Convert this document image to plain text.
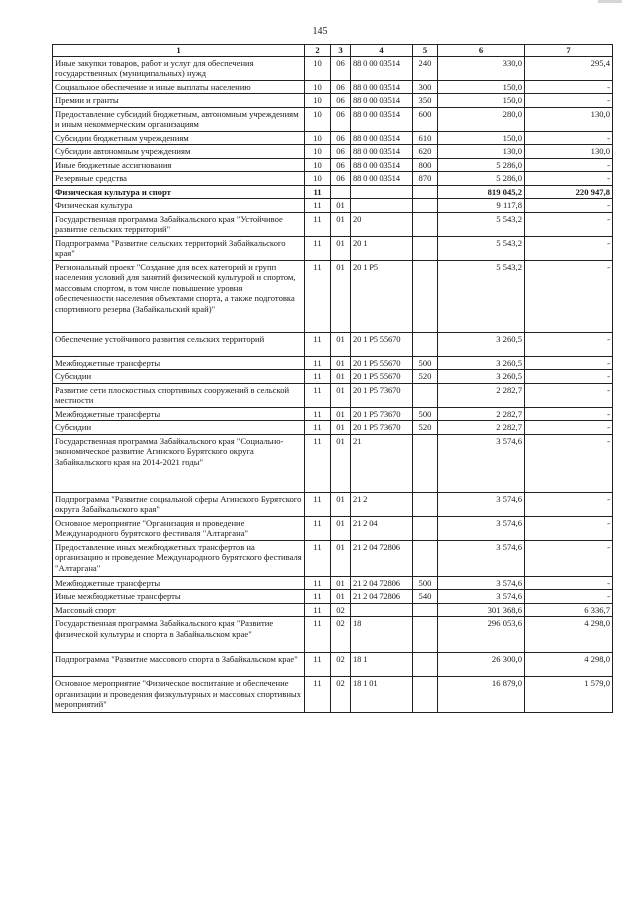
145
1	2	3	4	5	6	7
Иные закупки товаров, работ и услуг для обеспечения государственных (муниципальных) нужд	10	06	88 0 00 03514	240	330,0	295,4
Социальное обеспечение и иные выплаты населению	10	06	88 0 00 03514	300	150,0	-
Премии и гранты	10	06	88 0 00 03514	350	150,0	-
Предоставление субсидий бюджетным, автономным учреждениям и иным некоммерческим организациям	10	06	88 0 00 03514	600	280,0	130,0
Субсидии бюджетным учреждениям	10	06	88 0 00 03514	610	150,0	-
Субсидии автономным учреждениям	10	06	88 0 00 03514	620	130,0	130,0
Иные бюджетные ассигнования	10	06	88 0 00 03514	800	5 286,0	-
Резервные средства	10	06	88 0 00 03514	870	5 286,0	-
Физическая культура и спорт	11				819 045,2	220 947,8
Физическая культура	11	01			9 117,8	-
Государственная программа Забайкальского края "Устойчивое развитие сельских территорий"	11	01	20		5 543,2	-
Подпрограмма "Развитие сельских территорий Забайкальского края"	11	01	20 1		5 543,2	-
Региональный проект "Создание для всех категорий и групп населения условий для занятий физической культурой и спортом, массовым спортом, в том числе повышение уровня обеспеченности населения объектами спорта, а также подготовка спортивного резерва (Забайкальский край)"	11	01	20 1 P5		5 543,2	-
Обеспечение устойчивого развития сельских территорий	11	01	20 1 P5 55670		3 260,5	-
Межбюджетные трансферты	11	01	20 1 P5 55670	500	3 260,5	-
Субсидии	11	01	20 1 P5 55670	520	3 260,5	-
Развитие сети плоскостных спортивных сооружений в сельской местности	11	01	20 1 P5 73670		2 282,7	-
Межбюджетные трансферты	11	01	20 1 P5 73670	500	2 282,7	-
Субсидии	11	01	20 1 P5 73670	520	2 282,7	-
Государственная программа Забайкальского края "Социально-экономическое развитие Агинского Бурятского округа Забайкальского края на 2014-2021 годы"	11	01	21		3 574,6	-
Подпрограмма "Развитие социальной сферы Агинского Бурятского округа Забайкальского края"	11	01	21 2		3 574,6	-
Основное мероприятие "Организация и проведение Международного бурятского фестиваля "Алтаргана"	11	01	21 2 04		3 574,6	-
Предоставление иных межбюджетных трансфертов на организацию и проведение Международного бурятского фестиваля "Алтаргана"	11	01	21 2 04 72806		3 574,6	-
Межбюджетные трансферты	11	01	21 2 04 72806	500	3 574,6	-
Иные межбюджетные трансферты	11	01	21 2 04 72806	540	3 574,6	-
Массовый спорт	11	02			301 368,6	6 336,7
Государственная программа Забайкальского края "Развитие физической культуры и спорта в Забайкальском крае"	11	02	18		296 053,6	4 298,0
Подпрограмма "Развитие массового спорта в Забайкальском крае"	11	02	18 1		26 300,0	4 298,0
Основное мероприятие "Физическое воспитание и обеспечение организации и проведения физкультурных и массовых спортивных мероприятий"	11	02	18 1 01		16 879,0	1 579,0
